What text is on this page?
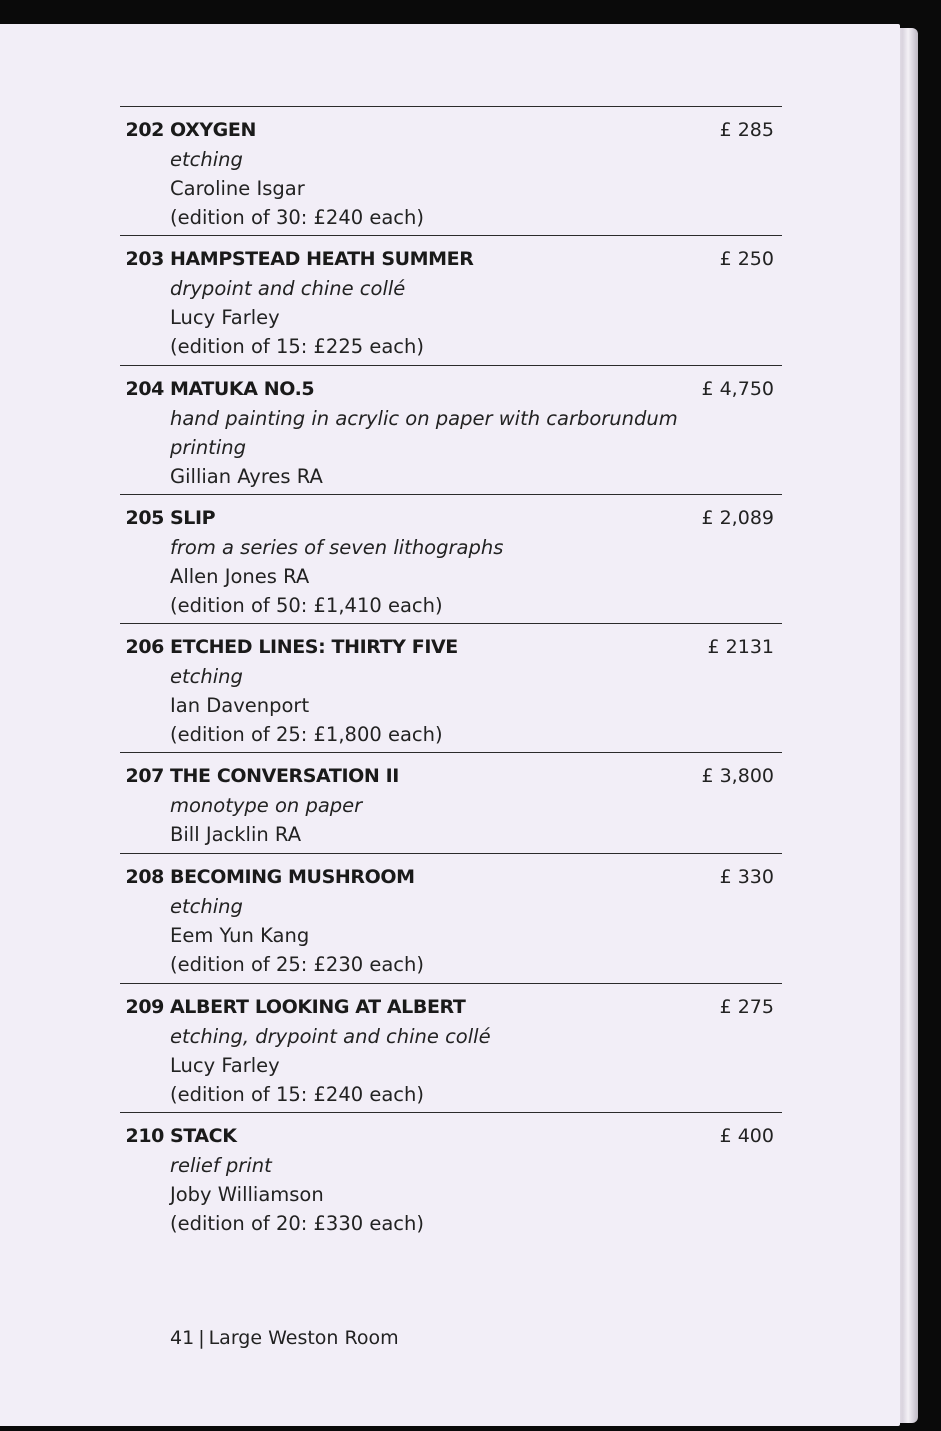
202 OXYGEN
etching
Caroline Isgar
(edition of 30: £240 each)
£ 285
203 HAMPSTEAD HEATH SUMMER
drypoint and chine collé
Lucy Farley
(edition of 15: £225 each)
£ 250
204 MATUKA NO.5
hand painting in acrylic on paper with carborundum printing
Gillian Ayres RA
£ 4,750
205 SLIP
from a series of seven lithographs
Allen Jones RA
(edition of 50: £1,410 each)
£ 2,089
206 ETCHED LINES: THIRTY FIVE
etching
Ian Davenport
(edition of 25: £1,800 each)
£ 2131
207 THE CONVERSATION II
monotype on paper
Bill Jacklin RA
£ 3,800
208 BECOMING MUSHROOM
etching
Eem Yun Kang
(edition of 25: £230 each)
£ 330
209 ALBERT LOOKING AT ALBERT
etching, drypoint and chine collé
Lucy Farley
(edition of 15: £240 each)
£ 275
210 STACK
relief print
Joby Williamson
(edition of 20: £330 each)
£ 400
41 | Large Weston Room
